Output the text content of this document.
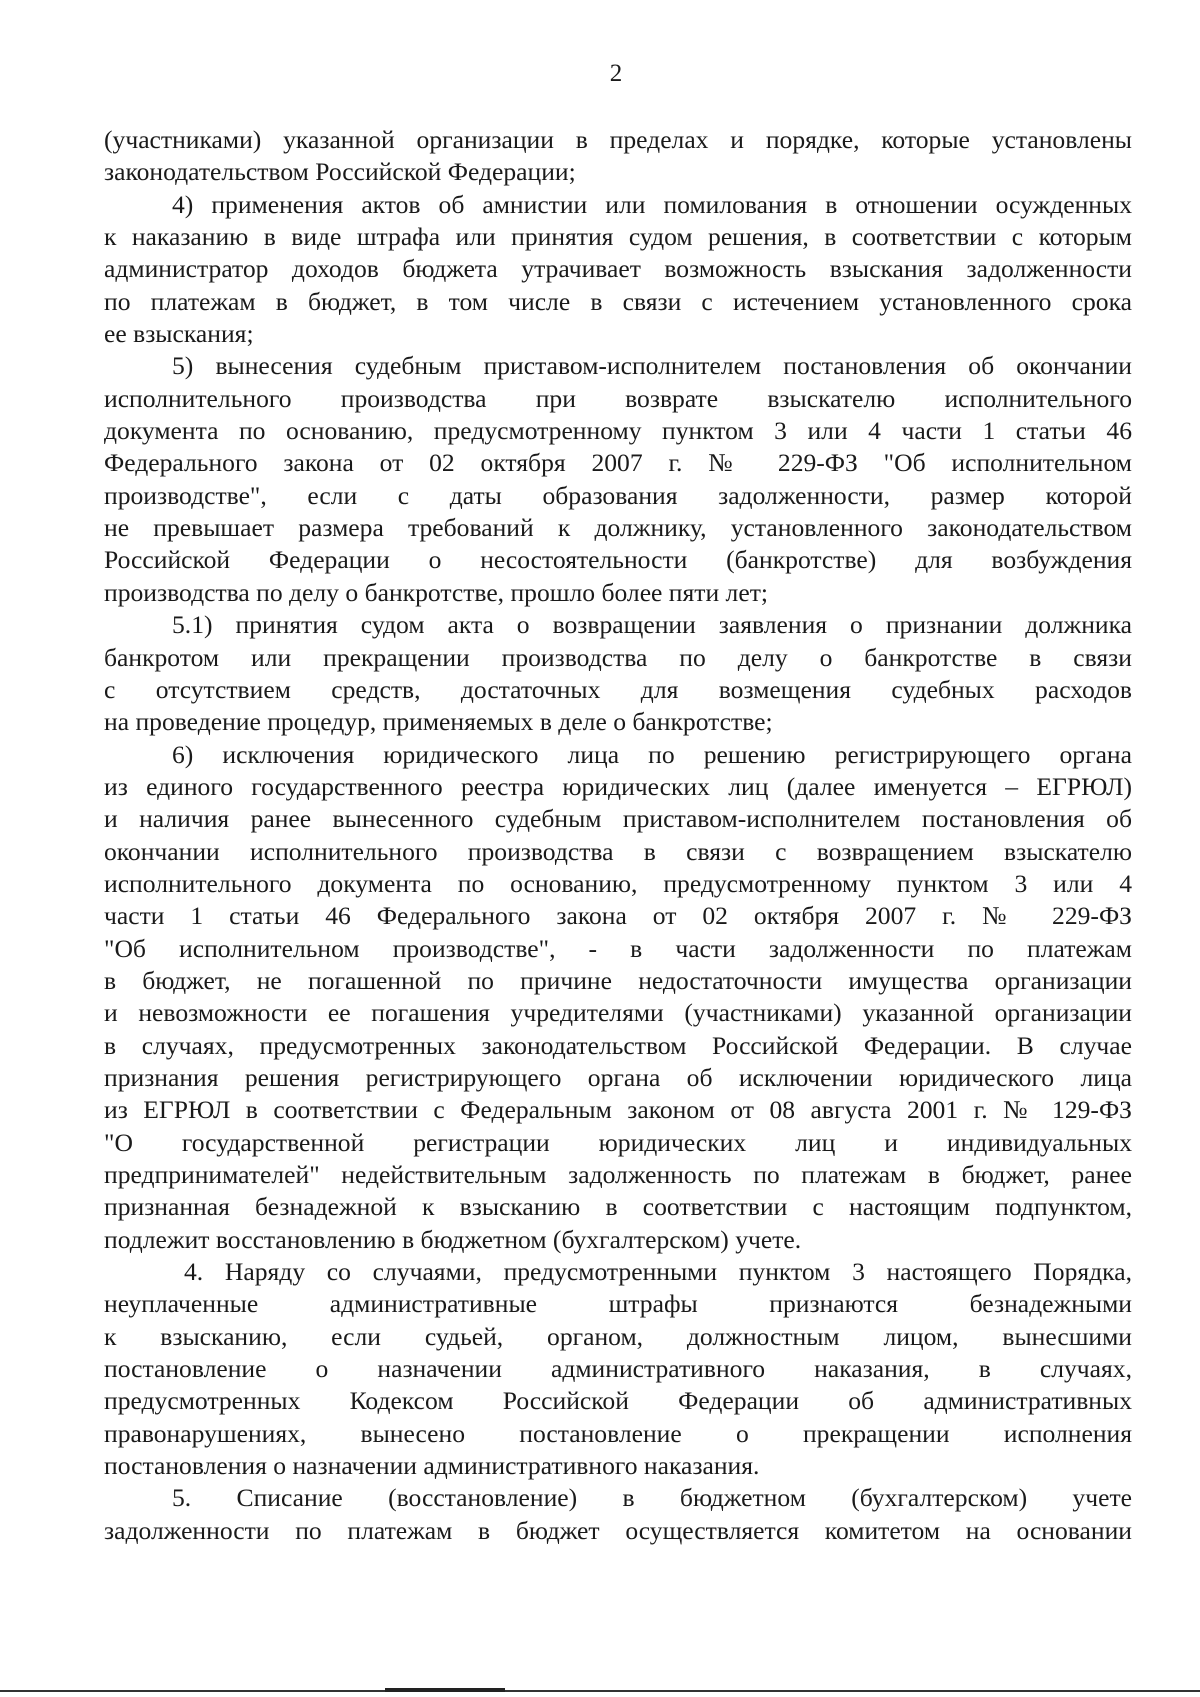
2
(участниками) указанной организации в пределах и порядке, которые установлены
законодательством Российской Федерации;
4) применения актов об амнистии или помилования в отношении осужденных
к наказанию в виде штрафа или принятия судом решения, в соответствии с которым
администратор доходов бюджета утрачивает возможность взыскания задолженности
по платежам в бюджет, в том числе в связи с истечением установленного срока
ее взыскания;
5) вынесения судебным приставом-исполнителем постановления об окончании
исполнительного производства при возврате взыскателю исполнительного
документа по основанию, предусмотренному пунктом 3 или 4 части 1 статьи 46
Федерального закона от 02 октября 2007 г. № 229-ФЗ "Об исполнительном
производстве", если с даты образования задолженности, размер которой
не превышает размера требований к должнику, установленного законодательством
Российской Федерации о несостоятельности (банкротстве) для возбуждения
производства по делу о банкротстве, прошло более пяти лет;
5.1) принятия судом акта о возвращении заявления о признании должника
банкротом или прекращении производства по делу о банкротстве в связи
с отсутствием средств, достаточных для возмещения судебных расходов
на проведение процедур, применяемых в деле о банкротстве;
6) исключения юридического лица по решению регистрирующего органа
из единого государственного реестра юридических лиц (далее именуется – ЕГРЮЛ)
и наличия ранее вынесенного судебным приставом-исполнителем постановления об
окончании исполнительного производства в связи с возвращением взыскателю
исполнительного документа по основанию, предусмотренному пунктом 3 или 4
части 1 статьи 46 Федерального закона от 02 октября 2007 г. № 229-ФЗ
"Об исполнительном производстве", - в части задолженности по платежам
в бюджет, не погашенной по причине недостаточности имущества организации
и невозможности ее погашения учредителями (участниками) указанной организации
в случаях, предусмотренных законодательством Российской Федерации. В случае
признания решения регистрирующего органа об исключении юридического лица
из ЕГРЮЛ в соответствии с Федеральным законом от 08 августа 2001 г. № 129-ФЗ
"О государственной регистрации юридических лиц и индивидуальных
предпринимателей" недействительным задолженность по платежам в бюджет, ранее
признанная безнадежной к взысканию в соответствии с настоящим подпунктом,
подлежит восстановлению в бюджетном (бухгалтерском) учете.
4. Наряду со случаями, предусмотренными пунктом 3 настоящего Порядка,
неуплаченные административные штрафы признаются безнадежными
к взысканию, если судьей, органом, должностным лицом, вынесшими
постановление о назначении административного наказания, в случаях,
предусмотренных Кодексом Российской Федерации об административных
правонарушениях, вынесено постановление о прекращении исполнения
постановления о назначении административного наказания.
5. Списание (восстановление) в бюджетном (бухгалтерском) учете
задолженности по платежам в бюджет осуществляется комитетом на основании
